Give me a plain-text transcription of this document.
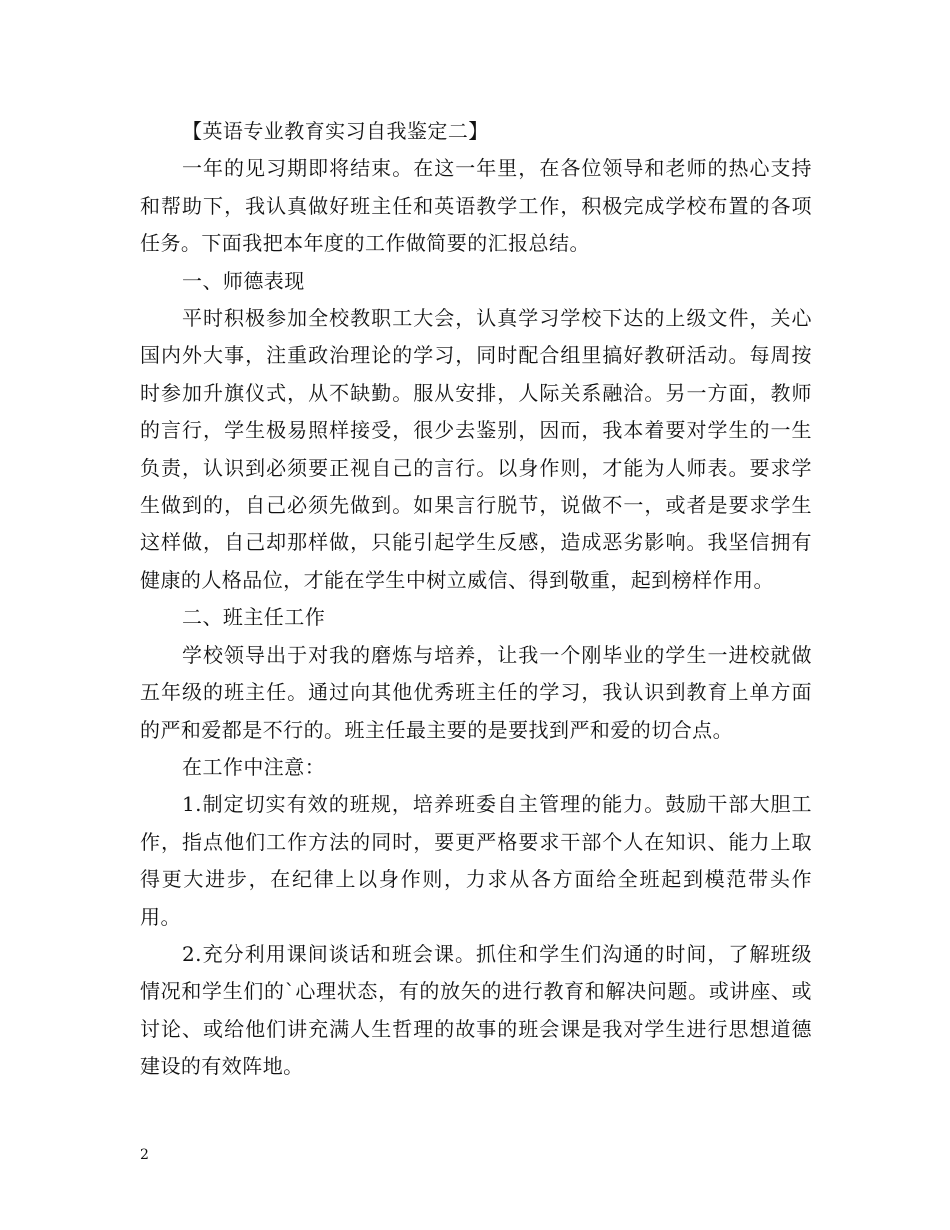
【英语专业教育实习自我鉴定二】

一年的见习期即将结束。在这一年里，在各位领导和老师的热心支持和帮助下，我认真做好班主任和英语教学工作，积极完成学校布置的各项任务。下面我把本年度的工作做简要的汇报总结。

一、师德表现

平时积极参加全校教职工大会，认真学习学校下达的上级文件，关心国内外大事，注重政治理论的学习，同时配合组里搞好教研活动。每周按时参加升旗仪式，从不缺勤。服从安排，人际关系融洽。另一方面，教师的言行，学生极易照样接受，很少去鉴别，因而，我本着要对学生的一生负责，认识到必须要正视自己的言行。以身作则，才能为人师表。要求学生做到的，自己必须先做到。如果言行脱节，说做不一，或者是要求学生这样做，自己却那样做，只能引起学生反感，造成恶劣影响。我坚信拥有健康的人格品位，才能在学生中树立威信、得到敬重，起到榜样作用。

二、班主任工作

学校领导出于对我的磨炼与培养，让我一个刚毕业的学生一进校就做五年级的班主任。通过向其他优秀班主任的学习，我认识到教育上单方面的严和爱都是不行的。班主任最主要的是要找到严和爱的切合点。

在工作中注意：

1.制定切实有效的班规，培养班委自主管理的能力。鼓励干部大胆工作，指点他们工作方法的同时，要更严格要求干部个人在知识、能力上取得更大进步，在纪律上以身作则，力求从各方面给全班起到模范带头作用。

2.充分利用课间谈话和班会课。抓住和学生们沟通的时间，了解班级情况和学生们的`心理状态，有的放矢的进行教育和解决问题。或讲座、或讨论、或给他们讲充满人生哲理的故事的班会课是我对学生进行思想道德建设的有效阵地。

2
